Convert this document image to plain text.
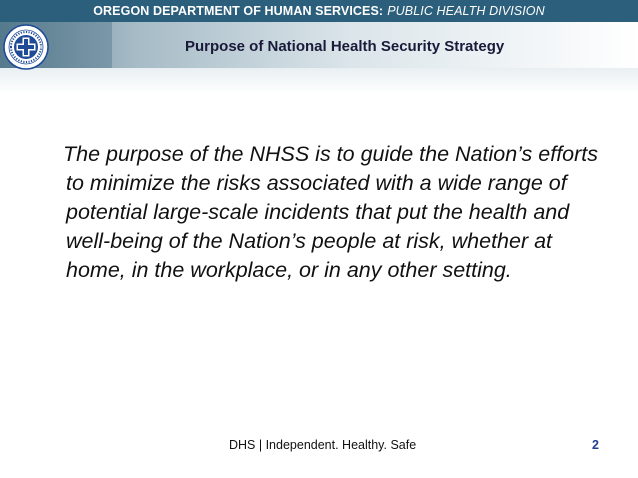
OREGON DEPARTMENT OF HUMAN SERVICES: PUBLIC HEALTH DIVISION
Purpose of National Health Security Strategy

The purpose of the NHSS is to guide the Nation’s efforts to minimize the risks associated with a wide range of potential large-scale incidents that put the health and well-being of the Nation’s people at risk, whether at home, in the workplace, or in any other setting.

DHS | Independent. Healthy. Safe	2
